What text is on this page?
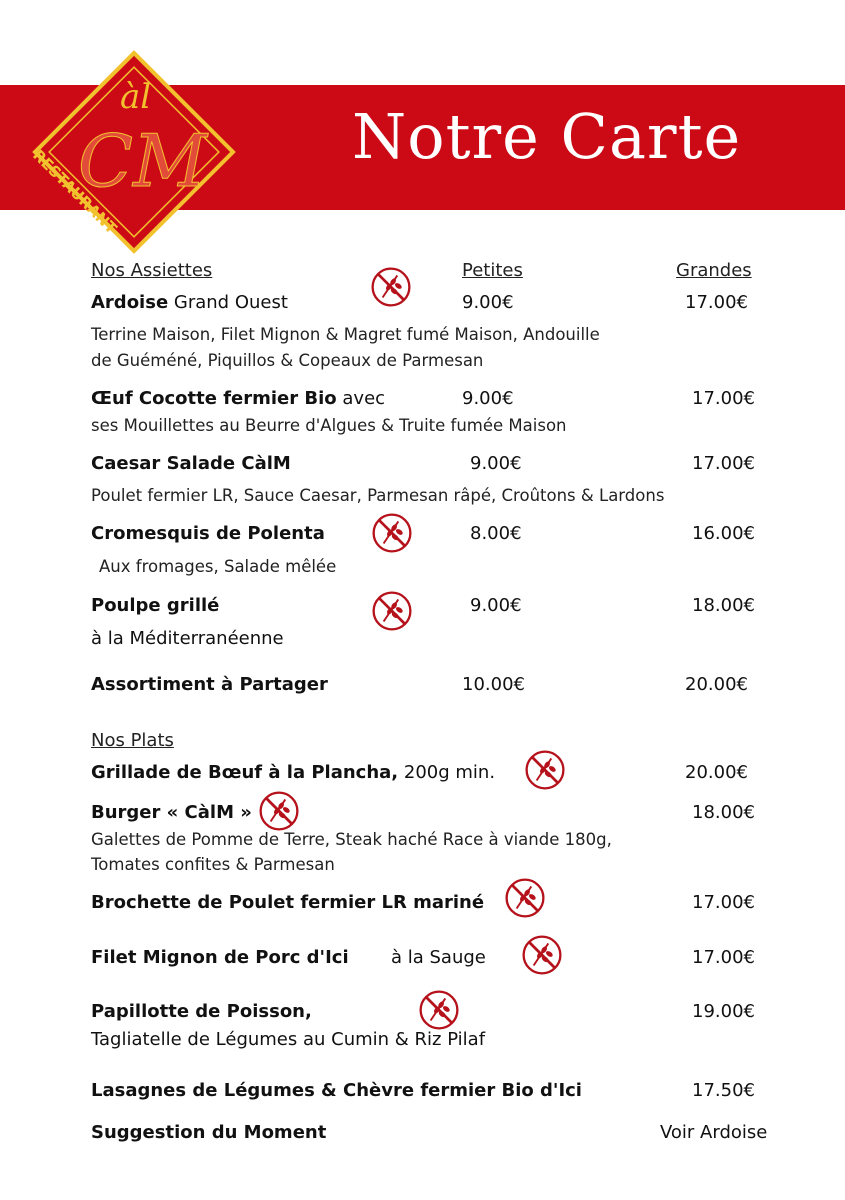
Notre Carte
àl
CM
RESTAURANT
Nos Assiettes	Petites	Grandes
Ardoise Grand Ouest	9.00€	17.00€
Terrine Maison, Filet Mignon & Magret fumé Maison, Andouille
de Guéméné, Piquillos & Copeaux de Parmesan
Œuf Cocotte fermier Bio avec	9.00€	17.00€
ses Mouillettes au Beurre d'Algues & Truite fumée Maison
Caesar Salade CàlM	9.00€	17.00€
Poulet fermier LR, Sauce Caesar, Parmesan râpé, Croûtons & Lardons
Cromesquis de Polenta	8.00€	16.00€
Aux fromages, Salade mêlée
Poulpe grillé	9.00€	18.00€
à la Méditerranéenne
Assortiment à Partager	10.00€	20.00€
Nos Plats
Grillade de Bœuf à la Plancha, 200g min.	20.00€
Burger « CàlM »	18.00€
Galettes de Pomme de Terre, Steak haché Race à viande 180g,
Tomates confites & Parmesan
Brochette de Poulet fermier LR mariné	17.00€
Filet Mignon de Porc d'Ici à la Sauge	17.00€
Papillotte de Poisson,	19.00€
Tagliatelle de Légumes au Cumin & Riz Pilaf
Lasagnes de Légumes & Chèvre fermier Bio d'Ici	17.50€
Suggestion du Moment	Voir Ardoise
